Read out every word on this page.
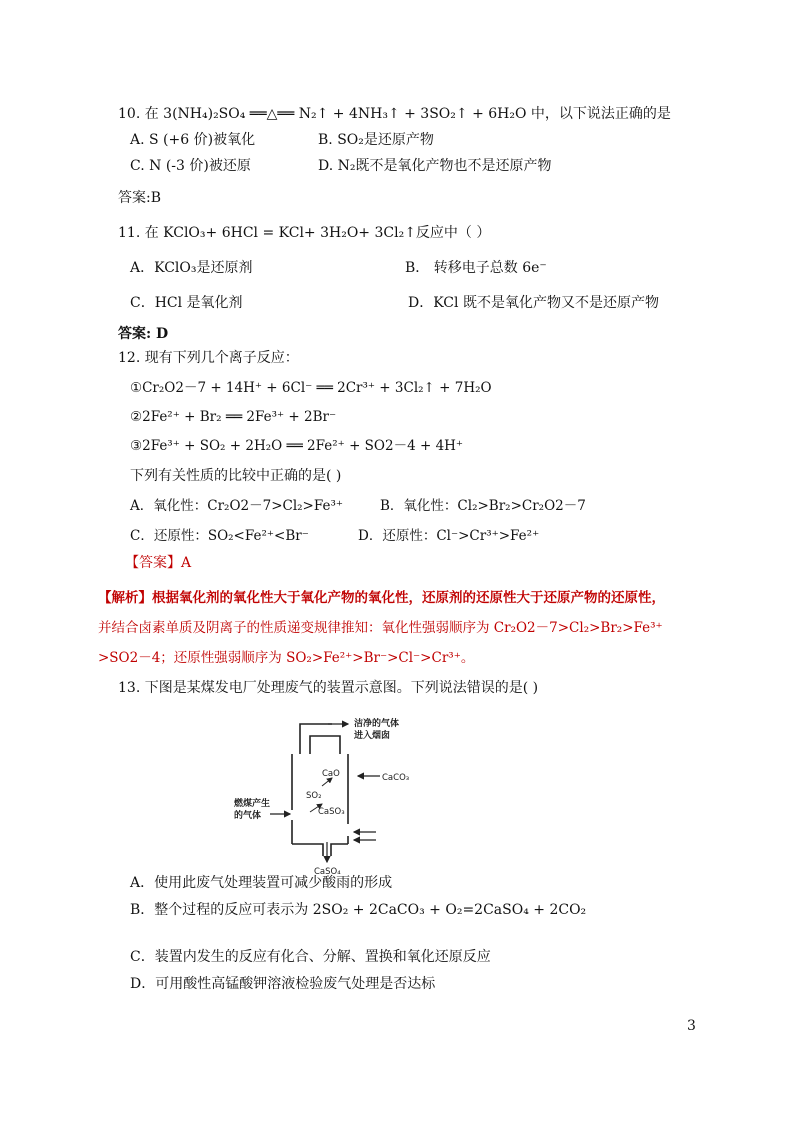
10. 在 3(NH₄)₂SO₄ ══△══ N₂↑ + 4NH₃↑ + 3SO₂↑ + 6H₂O 中，以下说法正确的是
A. S (+6 价)被氧化	B. SO₂是还原产物
C. N (-3 价)被还原	D. N₂既不是氧化产物也不是还原产物
答案:B
11. 在 KClO₃+ 6HCl = KCl+ 3H₂O+ 3Cl₂↑反应中（ ）
A．KClO₃是还原剂	B． 转移电子总数 6e⁻
C．HCl 是氧化剂	D．KCl 既不是氧化产物又不是还原产物
答案: D
12. 现有下列几个离子反应：
①Cr₂O2－7 + 14H⁺ + 6Cl⁻ ══ 2Cr³⁺ + 3Cl₂↑ + 7H₂O
②2Fe²⁺ + Br₂ ══ 2Fe³⁺ + 2Br⁻
③2Fe³⁺ + SO₂ + 2H₂O ══ 2Fe²⁺ + SO2－4 + 4H⁺
下列有关性质的比较中正确的是( )
A．氧化性：Cr₂O2－7>Cl₂>Fe³⁺	B．氧化性：Cl₂>Br₂>Cr₂O2－7
C．还原性：SO₂<Fe²⁺<Br⁻	D．还原性：Cl⁻>Cr³⁺>Fe²⁺
【答案】A
【解析】根据氧化剂的氧化性大于氧化产物的氧化性，还原剂的还原性大于还原产物的还原性，
并结合卤素单质及阴离子的性质递变规律推知：氧化性强弱顺序为 Cr₂O2－7>Cl₂>Br₂>Fe³⁺
>SO2－4；还原性强弱顺序为 SO₂>Fe²⁺>Br⁻>Cl⁻>Cr³⁺。
13. 下图是某煤发电厂处理废气的装置示意图。下列说法错误的是( )
洁净的气体
进入烟囱
CaCO₃
CaO
燃煤产生
的气体
SO₂
CaSO₃
CaSO₄
A．使用此废气处理装置可减少酸雨的形成
B．整个过程的反应可表示为 2SO₂ + 2CaCO₃ + O₂=2CaSO₄ + 2CO₂
C．装置内发生的反应有化合、分解、置换和氧化还原反应
D．可用酸性高锰酸钾溶液检验废气处理是否达标
3
